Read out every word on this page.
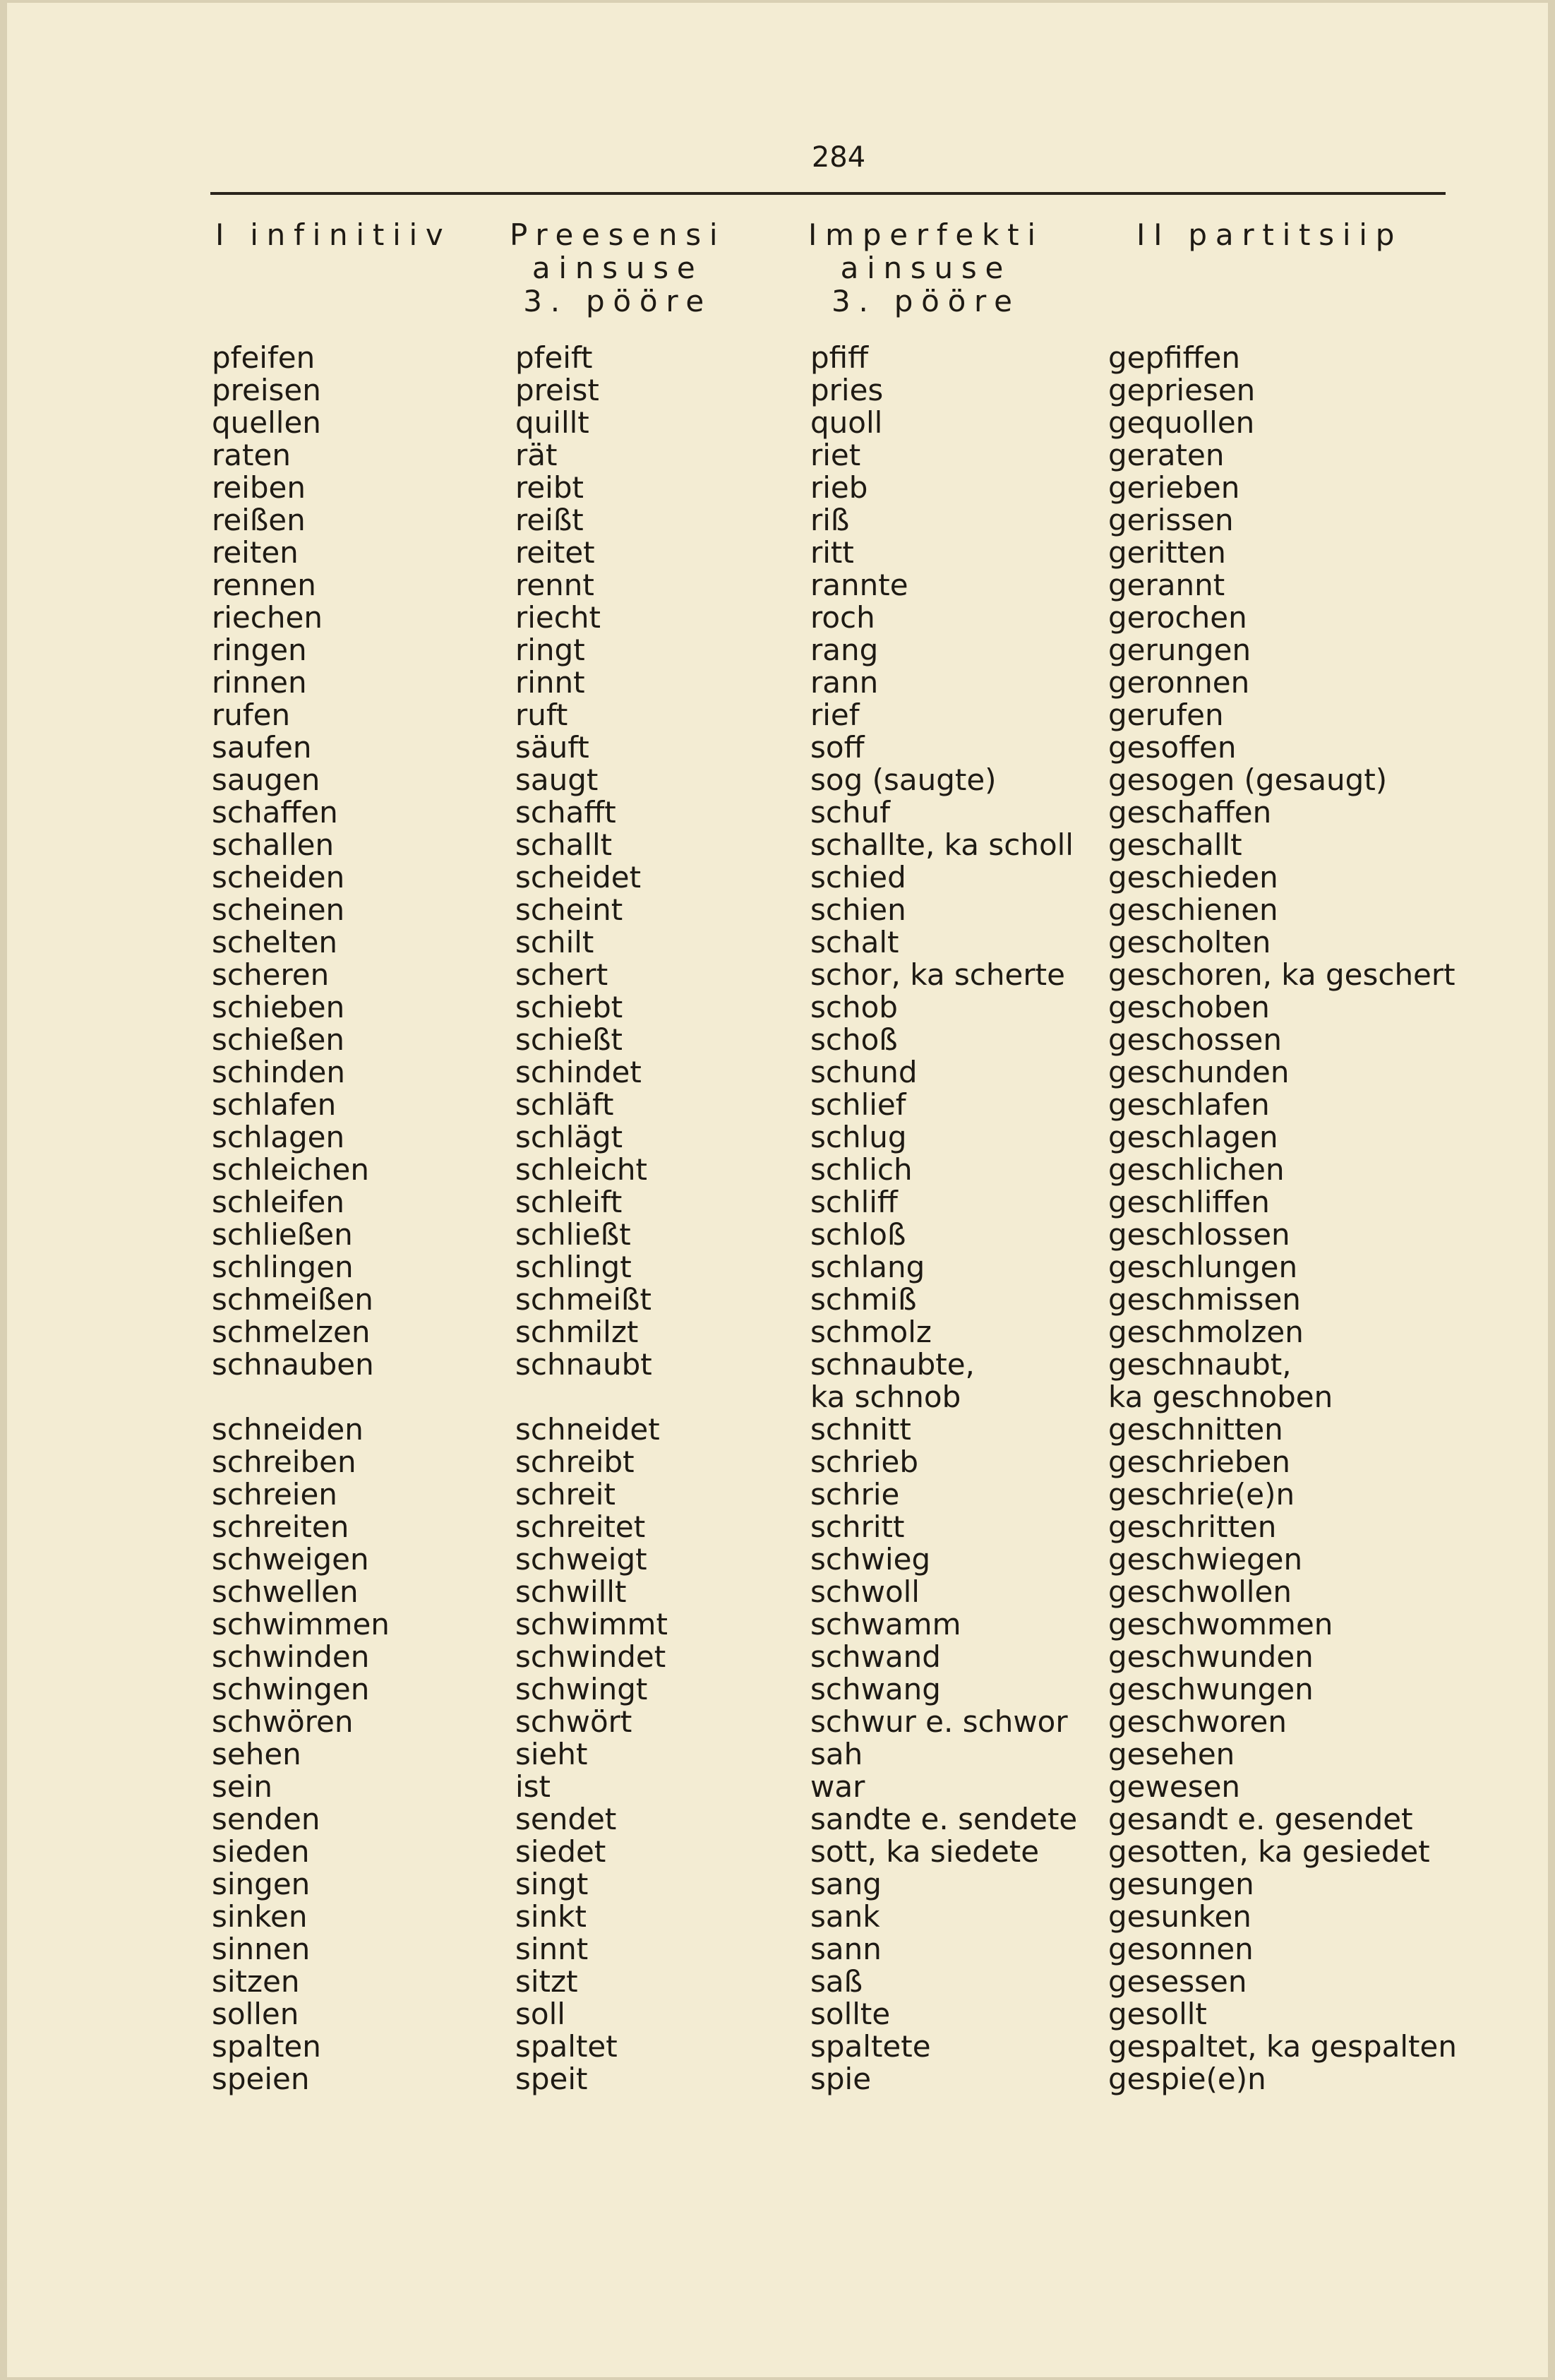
284
I infinitiiv Preesensi
ainsuse
3. pööre
Imperfekti
ainsuse
3. pööre
II partitsiip
pfeifen
preisen
quellen
raten
reiben
reißen
reiten
rennen
riechen
ringen
rinnen
rufen
saufen
saugen
schaffen
schallen
scheiden
scheinen
schelten
scheren
schieben
schießen
schinden
schlafen
schlagen
schleichen
schleifen
schließen
schlingen
schmeißen
schmelzen
schnauben
schneiden
schreiben
schreien
schreiten
schweigen
schwellen
schwimmen
schwinden
schwingen
schwören
sehen
sein
senden
sieden
singen
sinken
sinnen
sitzen
sollen
spalten
speien
pfeift
preist
quillt
rät
reibt
reißt
reitet
rennt
riecht
ringt
rinnt
ruft
säuft
saugt
schafft
schallt
scheidet
scheint
schilt
schert
schiebt
schießt
schindet
schläft
schlägt
schleicht
schleift
schließt
schlingt
schmeißt
schmilzt
schnaubt
schneidet
schreibt
schreit
schreitet
schweigt
schwillt
schwimmt
schwindet
schwingt
schwört
sieht
ist
sendet
siedet
singt
sinkt
sinnt
sitzt
soll
spaltet
speit
pfiff
pries
quoll
riet
rieb
riß
ritt
rannte
roch
rang
rann
rief
soff
sog (saugte)
schuf
schallte, ka scholl
schied
schien
schalt
schor, ka scherte
schob
schoß
schund
schlief
schlug
schlich
schliff
schloß
schlang
schmiß
schmolz
schnaubte,
ka schnob
schnitt
schrieb
schrie
schritt
schwieg
schwoll
schwamm
schwand
schwang
schwur e. schwor
sah
war
sandte e. sendete
sott, ka siedete
sang
sank
sann
saß
sollte
spaltete
spie
gepfiffen
gepriesen
gequollen
geraten
gerieben
gerissen
geritten
gerannt
gerochen
gerungen
geronnen
gerufen
gesoffen
gesogen (gesaugt)
geschaffen
geschallt
geschieden
geschienen
gescholten
geschoren, ka geschert
geschoben
geschossen
geschunden
geschlafen
geschlagen
geschlichen
geschliffen
geschlossen
geschlungen
geschmissen
geschmolzen
geschnaubt,
ka geschnoben
geschnitten
geschrieben
geschrie(e)n
geschritten
geschwiegen
geschwollen
geschwommen
geschwunden
geschwungen
geschworen
gesehen
gewesen
gesandt e. gesendet
gesotten, ka gesiedet
gesungen
gesunken
gesonnen
gesessen
gesollt
gespaltet, ka gespalten
gespie(e)n
